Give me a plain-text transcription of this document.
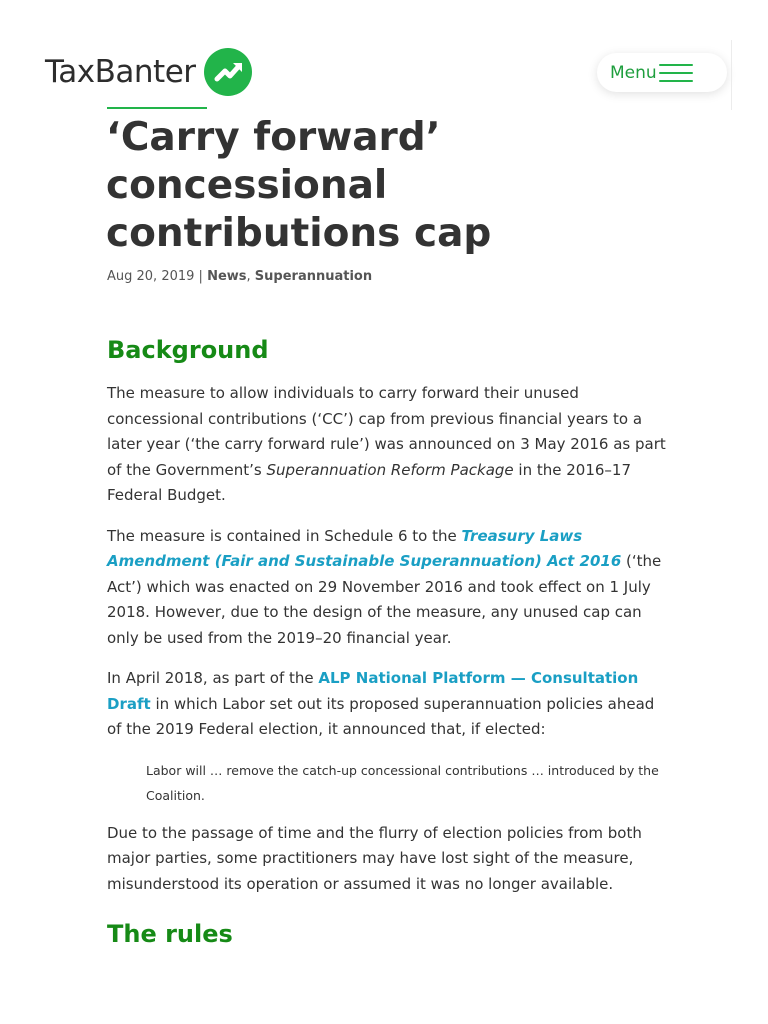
TaxBanter	Menu
‘Carry forward’ concessional contributions cap
Aug 20, 2019 | News, Superannuation
Background

The measure to allow individuals to carry forward their unused concessional contributions (‘CC’) cap from previous financial years to a later year (‘the carry forward rule’) was announced on 3 May 2016 as part of the Government’s Superannuation Reform Package in the 2016–17 Federal Budget.

The measure is contained in Schedule 6 to the Treasury Laws Amendment (Fair and Sustainable Superannuation) Act 2016 (‘the Act’) which was enacted on 29 November 2016 and took effect on 1 July 2018. However, due to the design of the measure, any unused cap can only be used from the 2019–20 financial year.

In April 2018, as part of the ALP National Platform — Consultation Draft in which Labor set out its proposed superannuation policies ahead of the 2019 Federal election, it announced that, if elected:

Labor will … remove the catch-up concessional contributions … introduced by the Coalition.

Due to the passage of time and the flurry of election policies from both major parties, some practitioners may have lost sight of the measure, misunderstood its operation or assumed it was no longer available.

The rules
